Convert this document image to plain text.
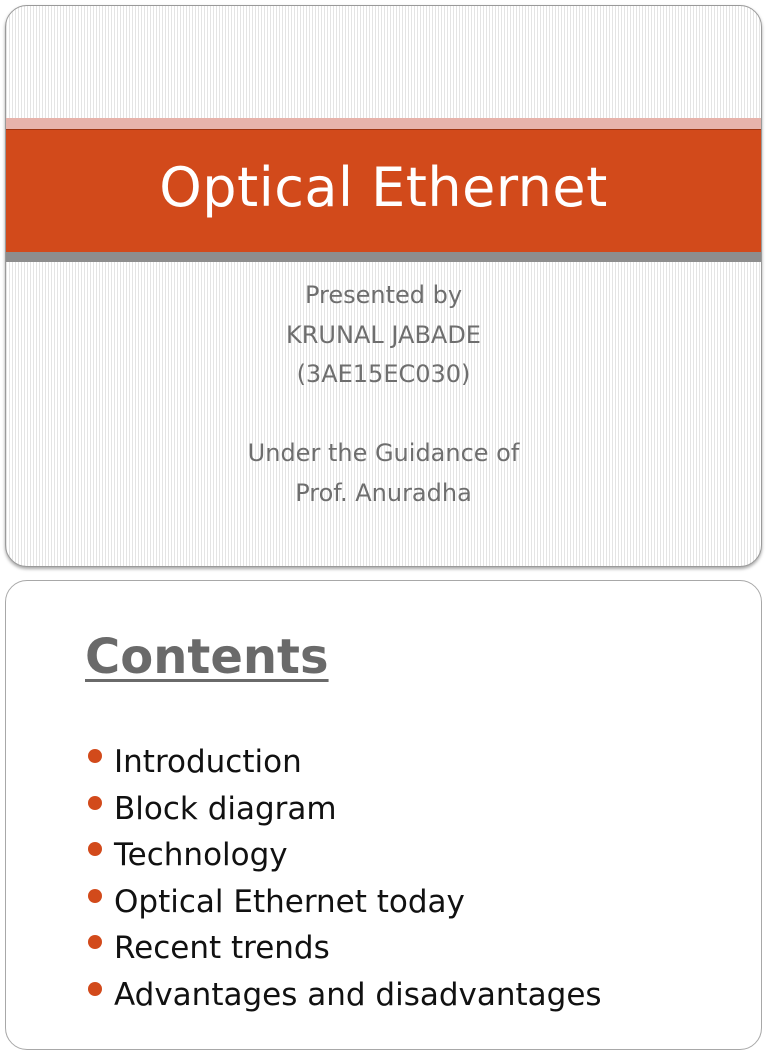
Optical Ethernet
Presented by
KRUNAL JABADE
(3AE15EC030)
Under the Guidance of
Prof. Anuradha
Contents
Introduction
Block diagram
Technology
Optical Ethernet today
Recent trends
Advantages and disadvantages
